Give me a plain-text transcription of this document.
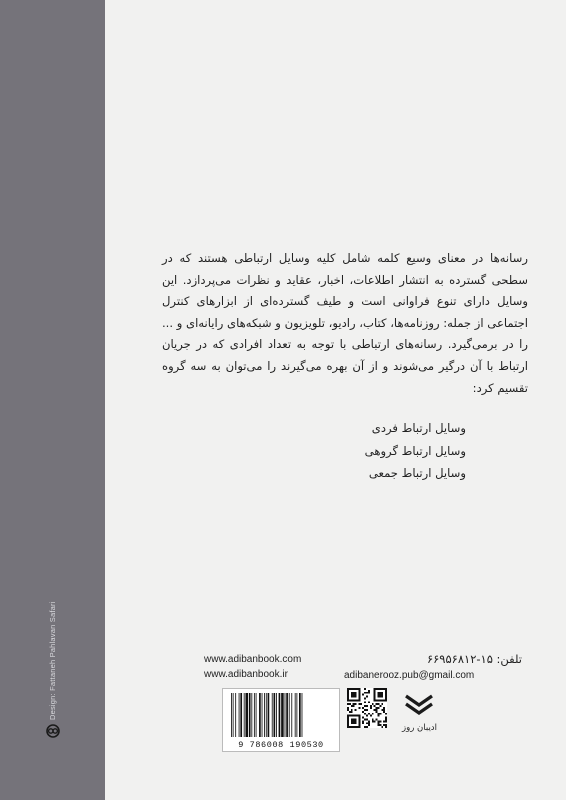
Design: Fattaneh Pahlavan Safari

رسانه‌ها در معنای وسیع کلمه شامل کلیه وسایل ارتباطی هستند که در سطحی گسترده به انتشار اطلاعات، اخبار، عقاید و نظرات می‌پردازد. این وسایل دارای تنوع فراوانی است و طیف گسترده‌ای از ابزارهای کنترل اجتماعی از جمله: روزنامه‌ها، کتاب، رادیو، تلویزیون و شبکه‌های رایانه‌ای و ... را در برمی‌گیرد. رسانه‌های ارتباطی با توجه به تعداد افرادی که در جریان ارتباط با آن درگیر می‌شوند و از آن بهره می‌گیرند را می‌توان به سه گروه تقسیم کرد:

وسایل ارتباط فردی
وسایل ارتباط گروهی
وسایل ارتباط جمعی
تلفن: ۱۵-۶۶۹۵۶۸۱۲
adibanerooz.pub@gmail.com
www.adibanbook.com
www.adibanbook.ir
9 786008 190530
ادیبان روز
